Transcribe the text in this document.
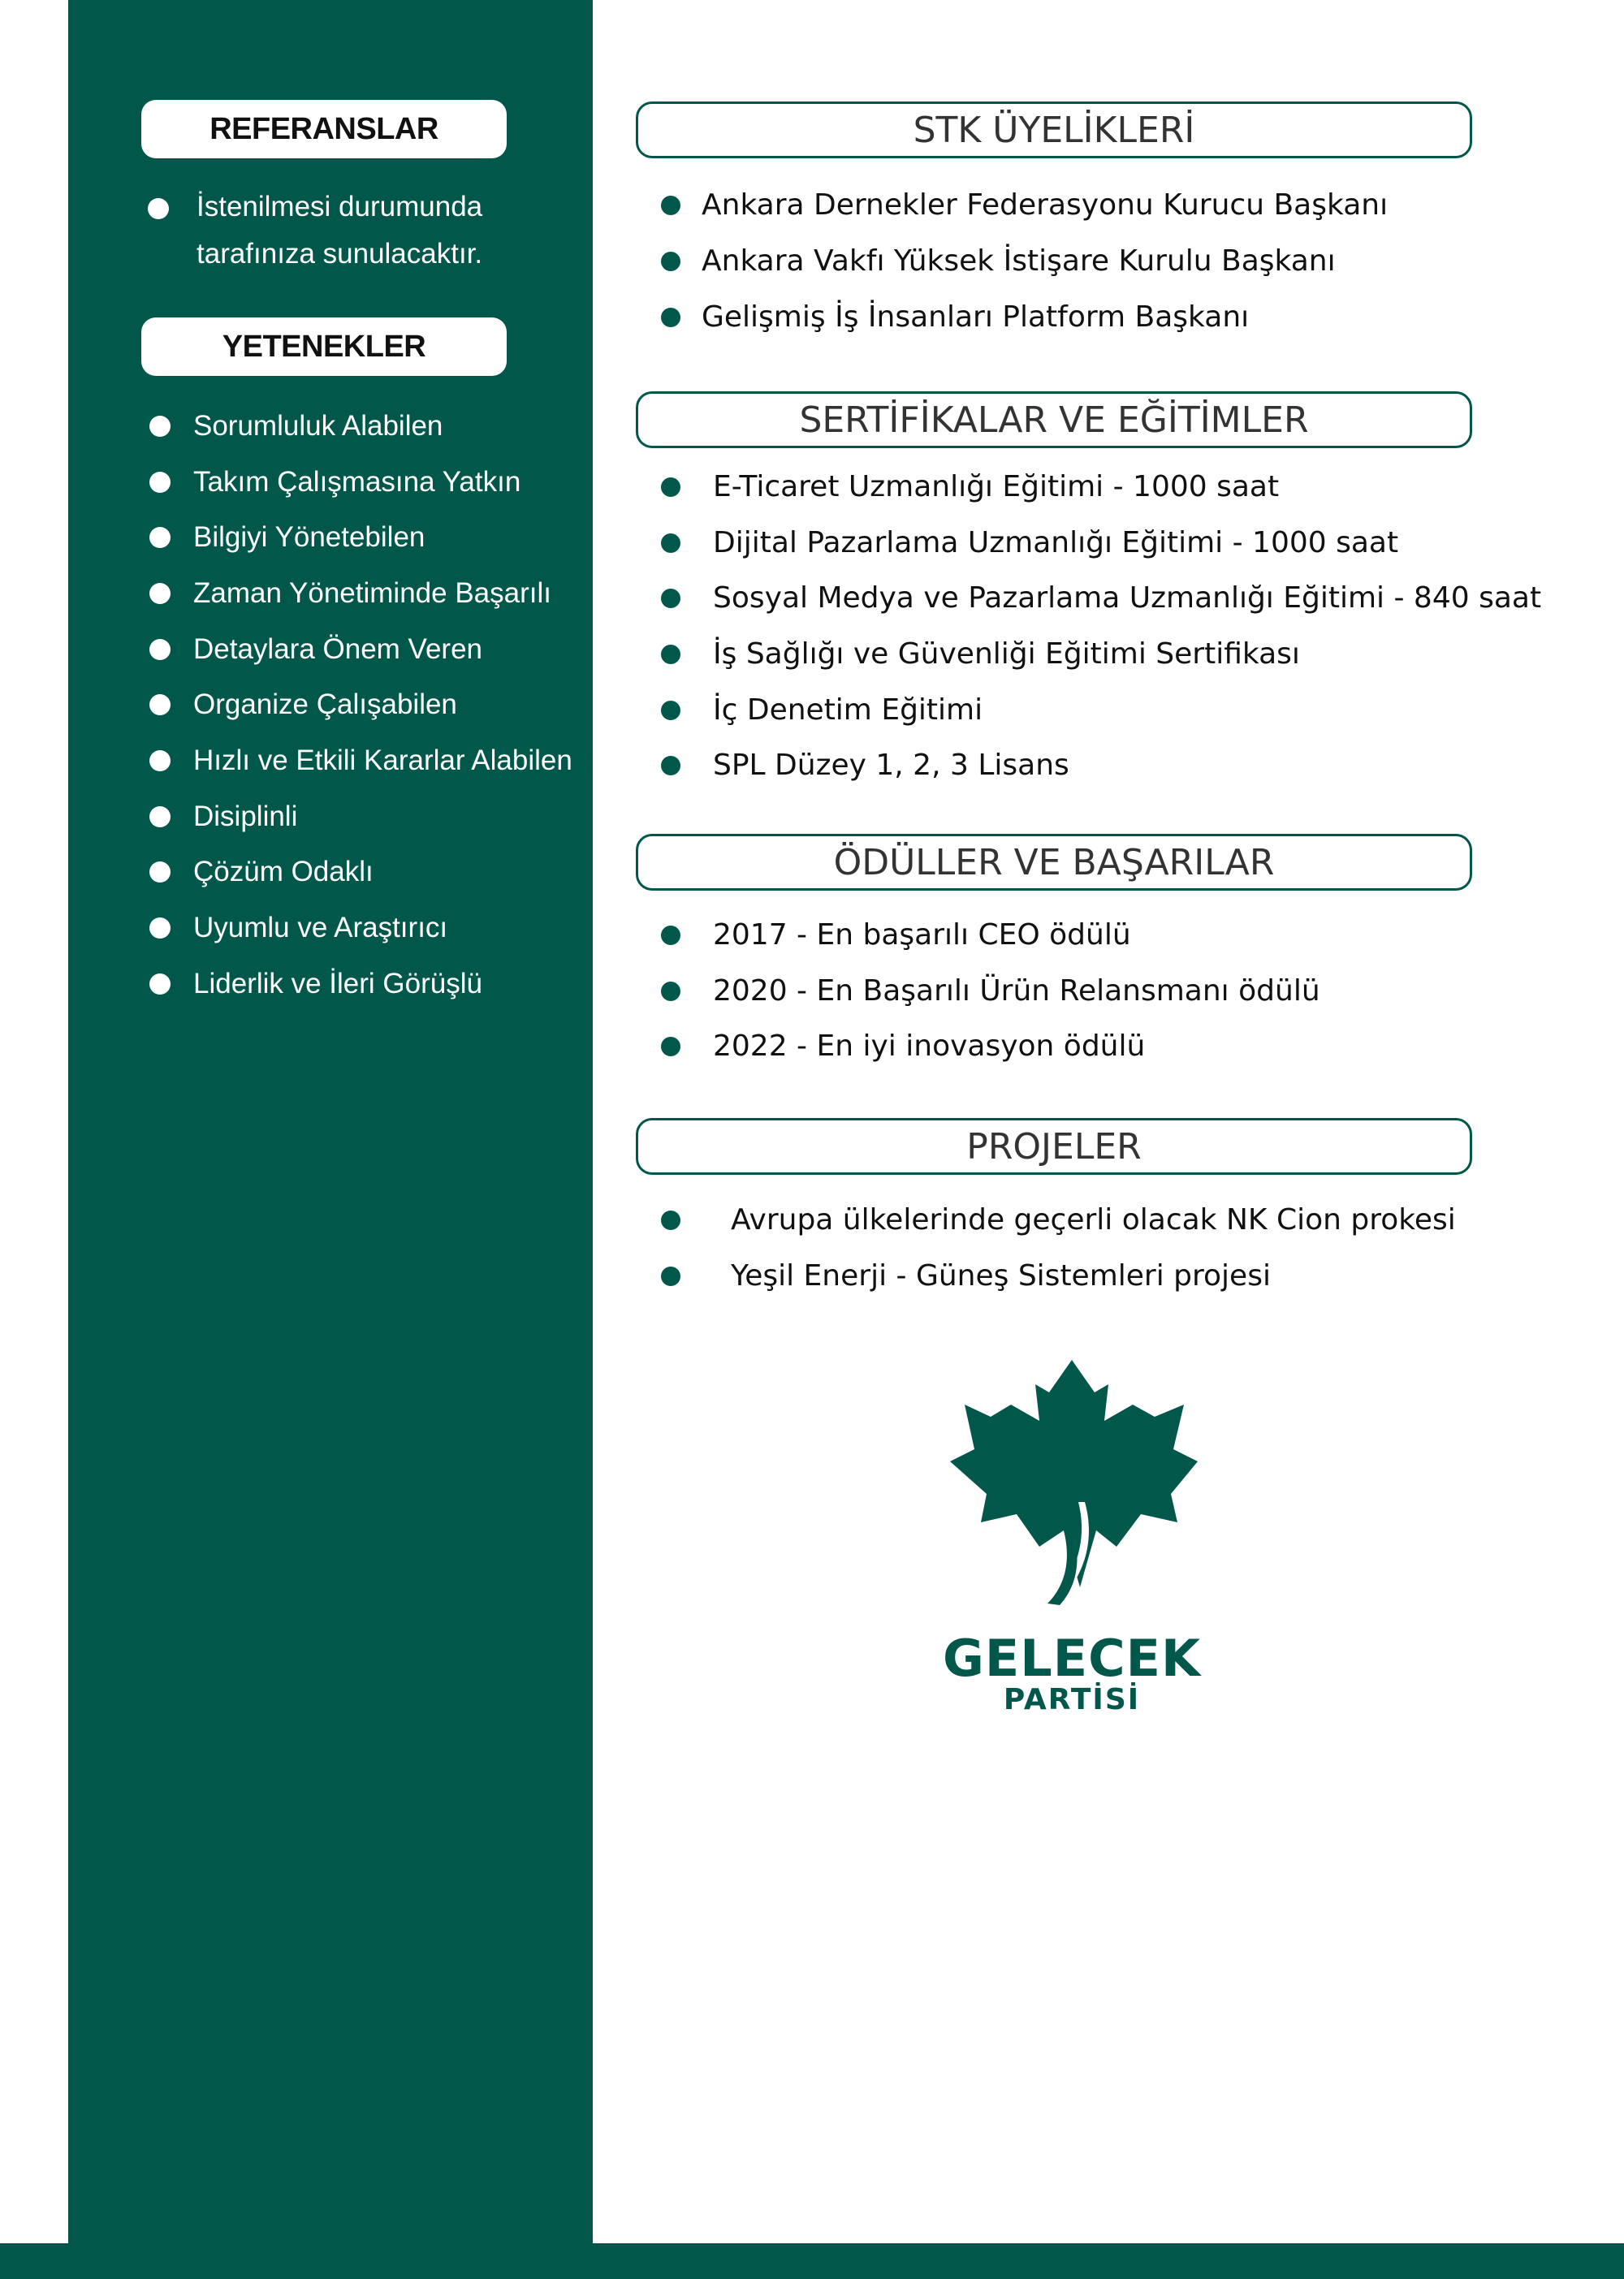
REFERANSLAR
İstenilmesi durumunda
tarafınıza sunulacaktır.
YETENEKLER
Sorumluluk Alabilen
Takım Çalışmasına Yatkın
Bilgiyi Yönetebilen
Zaman Yönetiminde Başarılı
Detaylara Önem Veren
Organize Çalışabilen
Hızlı ve Etkili Kararlar Alabilen
Disiplinli
Çözüm Odaklı
Uyumlu ve Araştırıcı
Liderlik ve İleri Görüşlü
STK ÜYELİKLERİ
Ankara Dernekler Federasyonu Kurucu Başkanı
Ankara Vakfı Yüksek İstişare Kurulu Başkanı
Gelişmiş İş İnsanları Platform Başkanı
SERTİFİKALAR VE EĞİTİMLER
E-Ticaret Uzmanlığı Eğitimi - 1000 saat
Dijital Pazarlama Uzmanlığı Eğitimi - 1000 saat
Sosyal Medya ve Pazarlama Uzmanlığı Eğitimi - 840 saat
İş Sağlığı ve Güvenliği Eğitimi Sertifikası
İç Denetim Eğitimi
SPL Düzey 1, 2, 3 Lisans
ÖDÜLLER VE BAŞARILAR
2017 - En başarılı CEO ödülü
2020 - En Başarılı Ürün Relansmanı ödülü
2022 - En iyi inovasyon ödülü
PROJELER
Avrupa ülkelerinde geçerli olacak NK Cion prokesi
Yeşil Enerji - Güneş Sistemleri projesi
GELECEK
PARTİSİ
